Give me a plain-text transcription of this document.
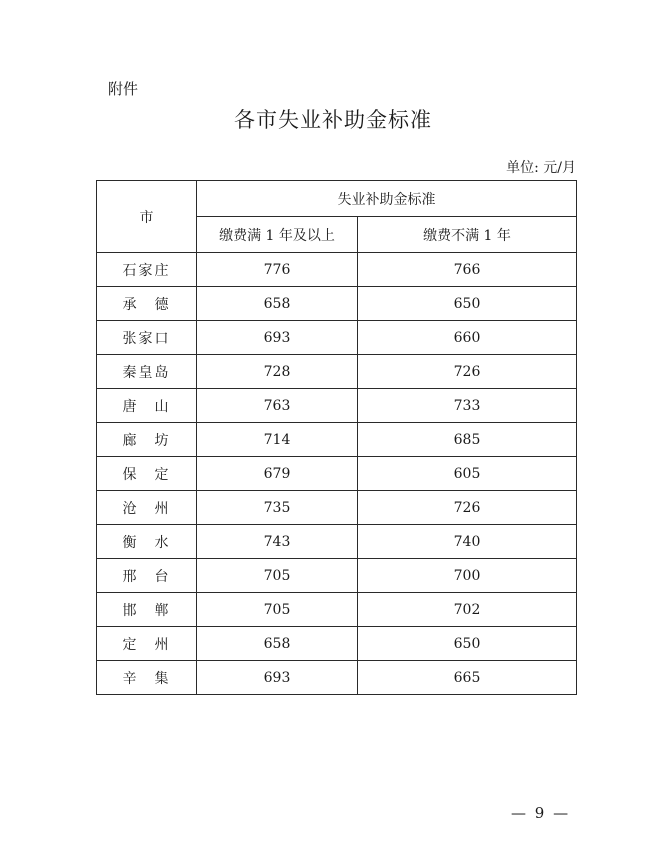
附件
各市失业补助金标准
单位: 元/月
市	失业补助金标准	
	缴费满 1 年及以上	缴费不满 1 年
石家庄	776	766
承　德	658	650
张家口	693	660
秦皇岛	728	726
唐　山	763	733
廊　坊	714	685
保　定	679	605
沧　州	735	726
衡　水	743	740
邢　台	705	700
邯　郸	705	702
定　州	658	650
辛　集	693	665
— 9 —
